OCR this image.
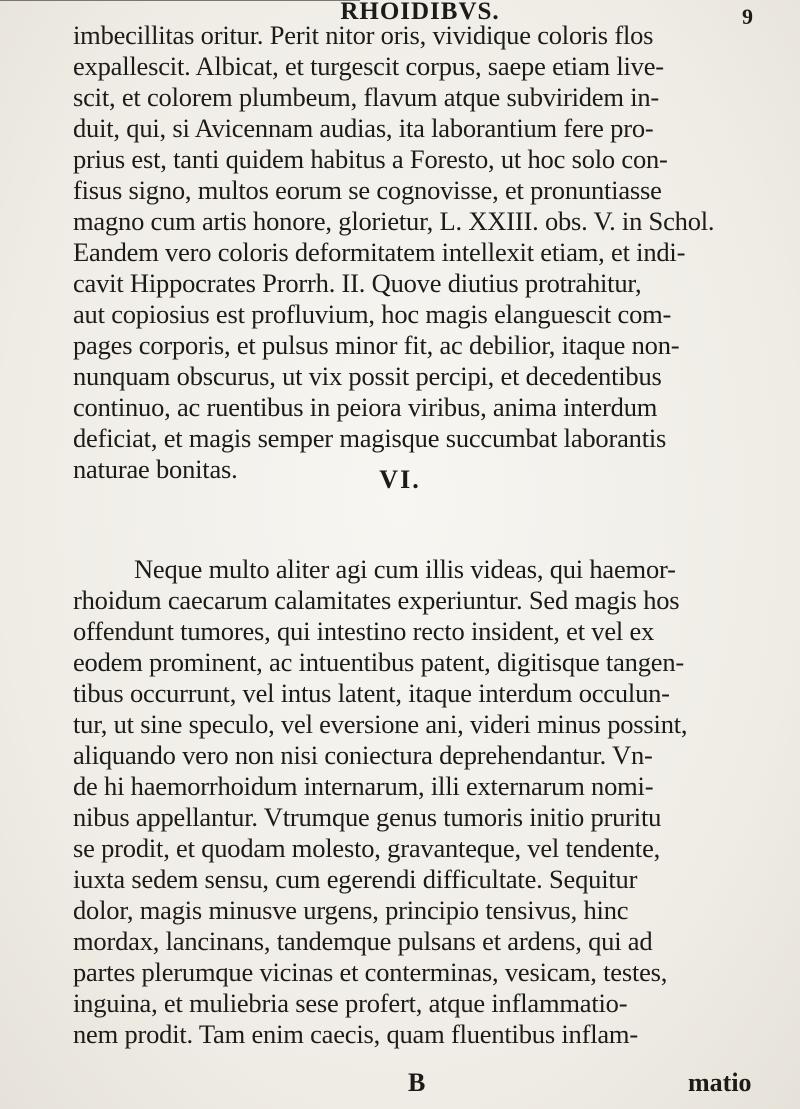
RHOIDIBVS.	9
imbecillitas oritur. Perit nitor oris, vividique coloris flos
expallescit. Albicat, et turgescit corpus, saepe etiam live-
scit, et colorem plumbeum, flavum atque subviridem in-
duit, qui, si Avicennam audias, ita laborantium fere pro-
prius est, tanti quidem habitus a Foresto, ut hoc solo con-
fisus signo, multos eorum se cognovisse, et pronuntiasse
magno cum artis honore, glorietur, L. XXIII. obs. V. in Schol.
Eandem vero coloris deformitatem intellexit etiam, et indi-
cavit Hippocrates Prorrh. II. Quove diutius protrahitur,
aut copiosius est profluvium, hoc magis elanguescit com-
pages corporis, et pulsus minor fit, ac debilior, itaque non-
nunquam obscurus, ut vix possit percipi, et decedentibus
continuo, ac ruentibus in peiora viribus, anima interdum
deficiat, et magis semper magisque succumbat laborantis
naturae bonitas.	VI.
Neque multo aliter agi cum illis videas, qui haemor-
rhoidum caecarum calamitates experiuntur. Sed magis hos
offendunt tumores, qui intestino recto insident, et vel ex
eodem prominent, ac intuentibus patent, digitisque tangen-
tibus occurrunt, vel intus latent, itaque interdum occulun-
tur, ut sine speculo, vel eversione ani, videri minus possint,
aliquando vero non nisi coniectura deprehendantur. Vn-
de hi haemorrhoidum internarum, illi externarum nomi-
nibus appellantur. Vtrumque genus tumoris initio pruritu
se prodit, et quodam molesto, gravanteque, vel tendente,
iuxta sedem sensu, cum egerendi difficultate. Sequitur
dolor, magis minusve urgens, principio tensivus, hinc
mordax, lancinans, tandemque pulsans et ardens, qui ad
partes plerumque vicinas et conterminas, vesicam, testes,
inguina, et muliebria sese profert, atque inflammatio-
nem prodit. Tam enim caecis, quam fluentibus inflam-
B	matio
